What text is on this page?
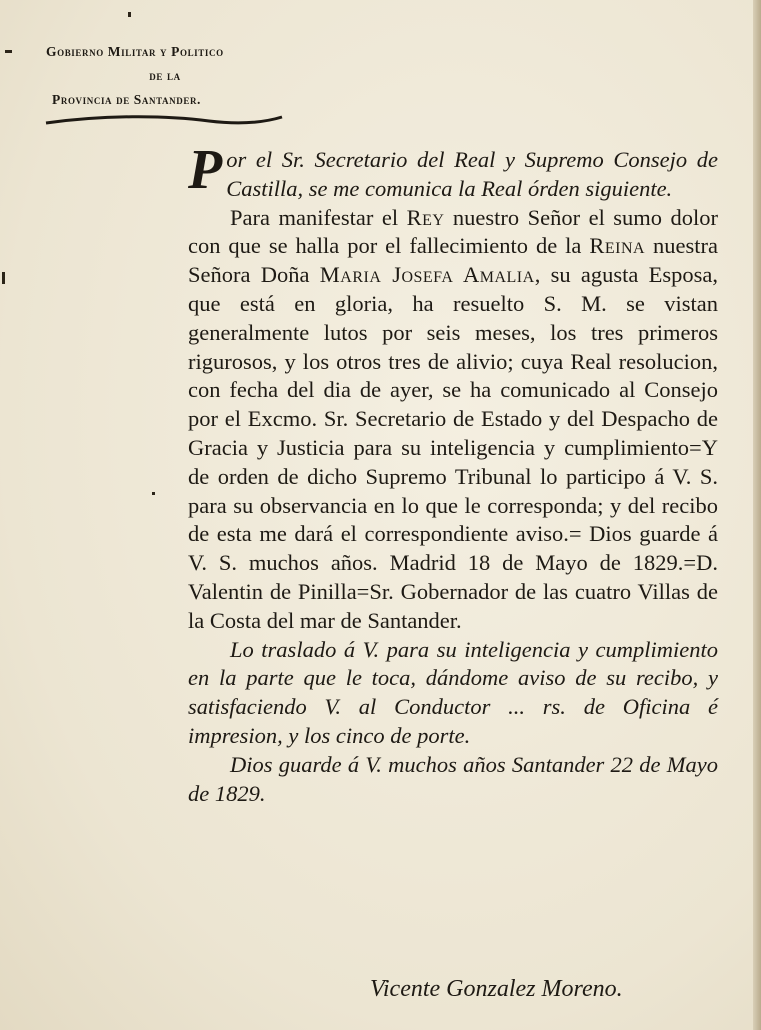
Gobierno Militar y Politico
de la
Provincia de Santander.

Por el Sr. Secretario del Real y Supremo Consejo de Castilla, se me comunica la Real órden siguiente.

Para manifestar el Rey nuestro Señor el sumo dolor con que se halla por el fallecimiento de la Reina nuestra Señora Doña Maria Josefa Amalia, su agusta Esposa, que está en gloria, ha resuelto S. M. se vistan generalmente lutos por seis meses, los tres primeros rigurosos, y los otros tres de alivio; cuya Real resolucion, con fecha del dia de ayer, se ha comunicado al Consejo por el Excmo. Sr. Secretario de Estado y del Despacho de Gracia y Justicia para su inteligencia y cumplimiento=Y de orden de dicho Supremo Tribunal lo participo á V. S. para su observancia en lo que le corresponda; y del recibo de esta me dará el correspondiente aviso.= Dios guarde á V. S. muchos años. Madrid 18 de Mayo de 1829.=D. Valentin de Pinilla=Sr. Gobernador de las cuatro Villas de la Costa del mar de Santander.

Lo traslado á V. para su inteligencia y cumplimiento en la parte que le toca, dándome aviso de su recibo, y satisfaciendo V. al Conductor ... rs. de Oficina é impresion, y los cinco de porte.

Dios guarde á V. muchos años Santander 22 de Mayo de 1829.

Vicente Gonzalez Moreno.
